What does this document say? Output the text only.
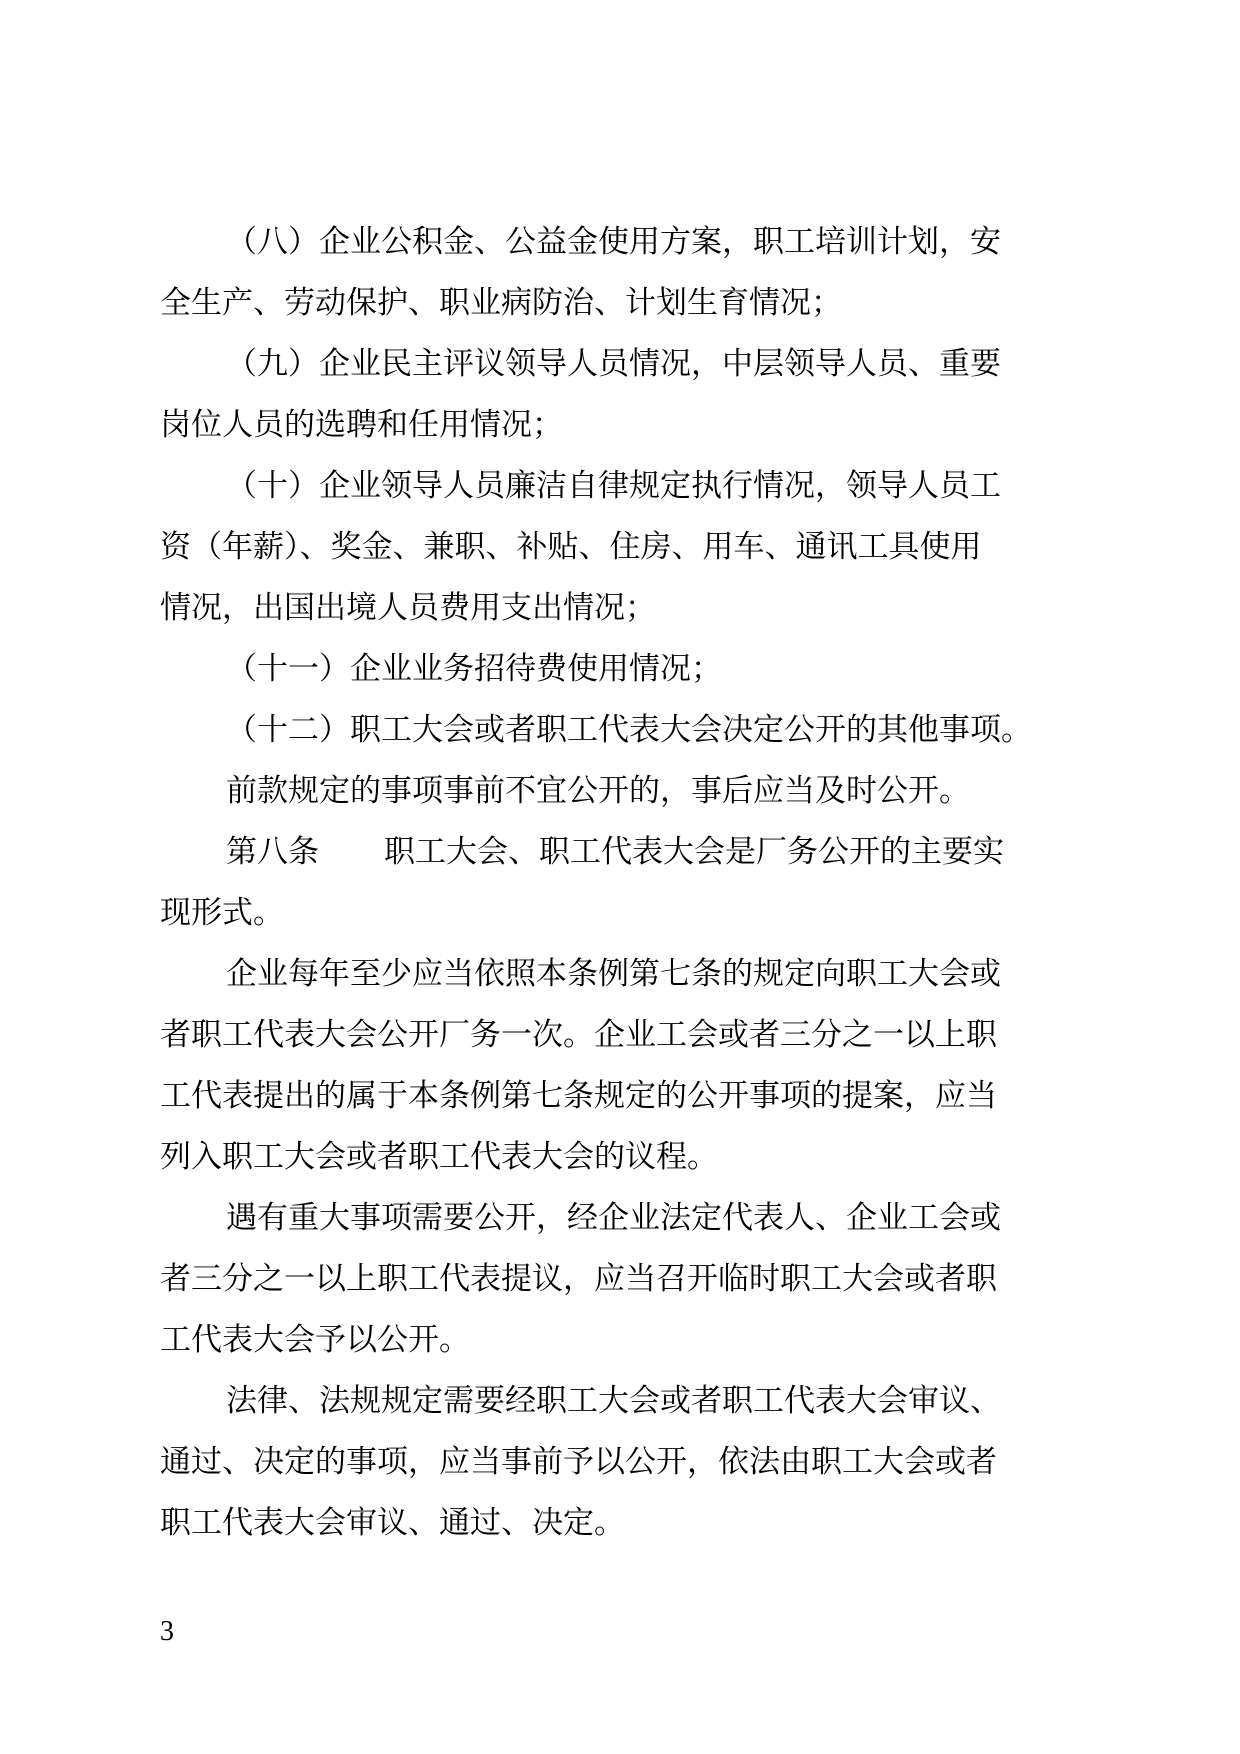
（八）企业公积金、公益金使用方案，职工培训计划，安
全生产、劳动保护、职业病防治、计划生育情况；
（九）企业民主评议领导人员情况，中层领导人员、重要
岗位人员的选聘和任用情况；
（十）企业领导人员廉洁自律规定执行情况，领导人员工
资（年薪）、奖金、兼职、补贴、住房、用车、通讯工具使用
情况，出国出境人员费用支出情况；
（十一）企业业务招待费使用情况；
（十二）职工大会或者职工代表大会决定公开的其他事项。
前款规定的事项事前不宜公开的，事后应当及时公开。
第八条 职工大会、职工代表大会是厂务公开的主要实
现形式。
企业每年至少应当依照本条例第七条的规定向职工大会或
者职工代表大会公开厂务一次。企业工会或者三分之一以上职
工代表提出的属于本条例第七条规定的公开事项的提案，应当
列入职工大会或者职工代表大会的议程。
遇有重大事项需要公开，经企业法定代表人、企业工会或
者三分之一以上职工代表提议，应当召开临时职工大会或者职
工代表大会予以公开。
法律、法规规定需要经职工大会或者职工代表大会审议、
通过、决定的事项，应当事前予以公开，依法由职工大会或者
职工代表大会审议、通过、决定。
3
